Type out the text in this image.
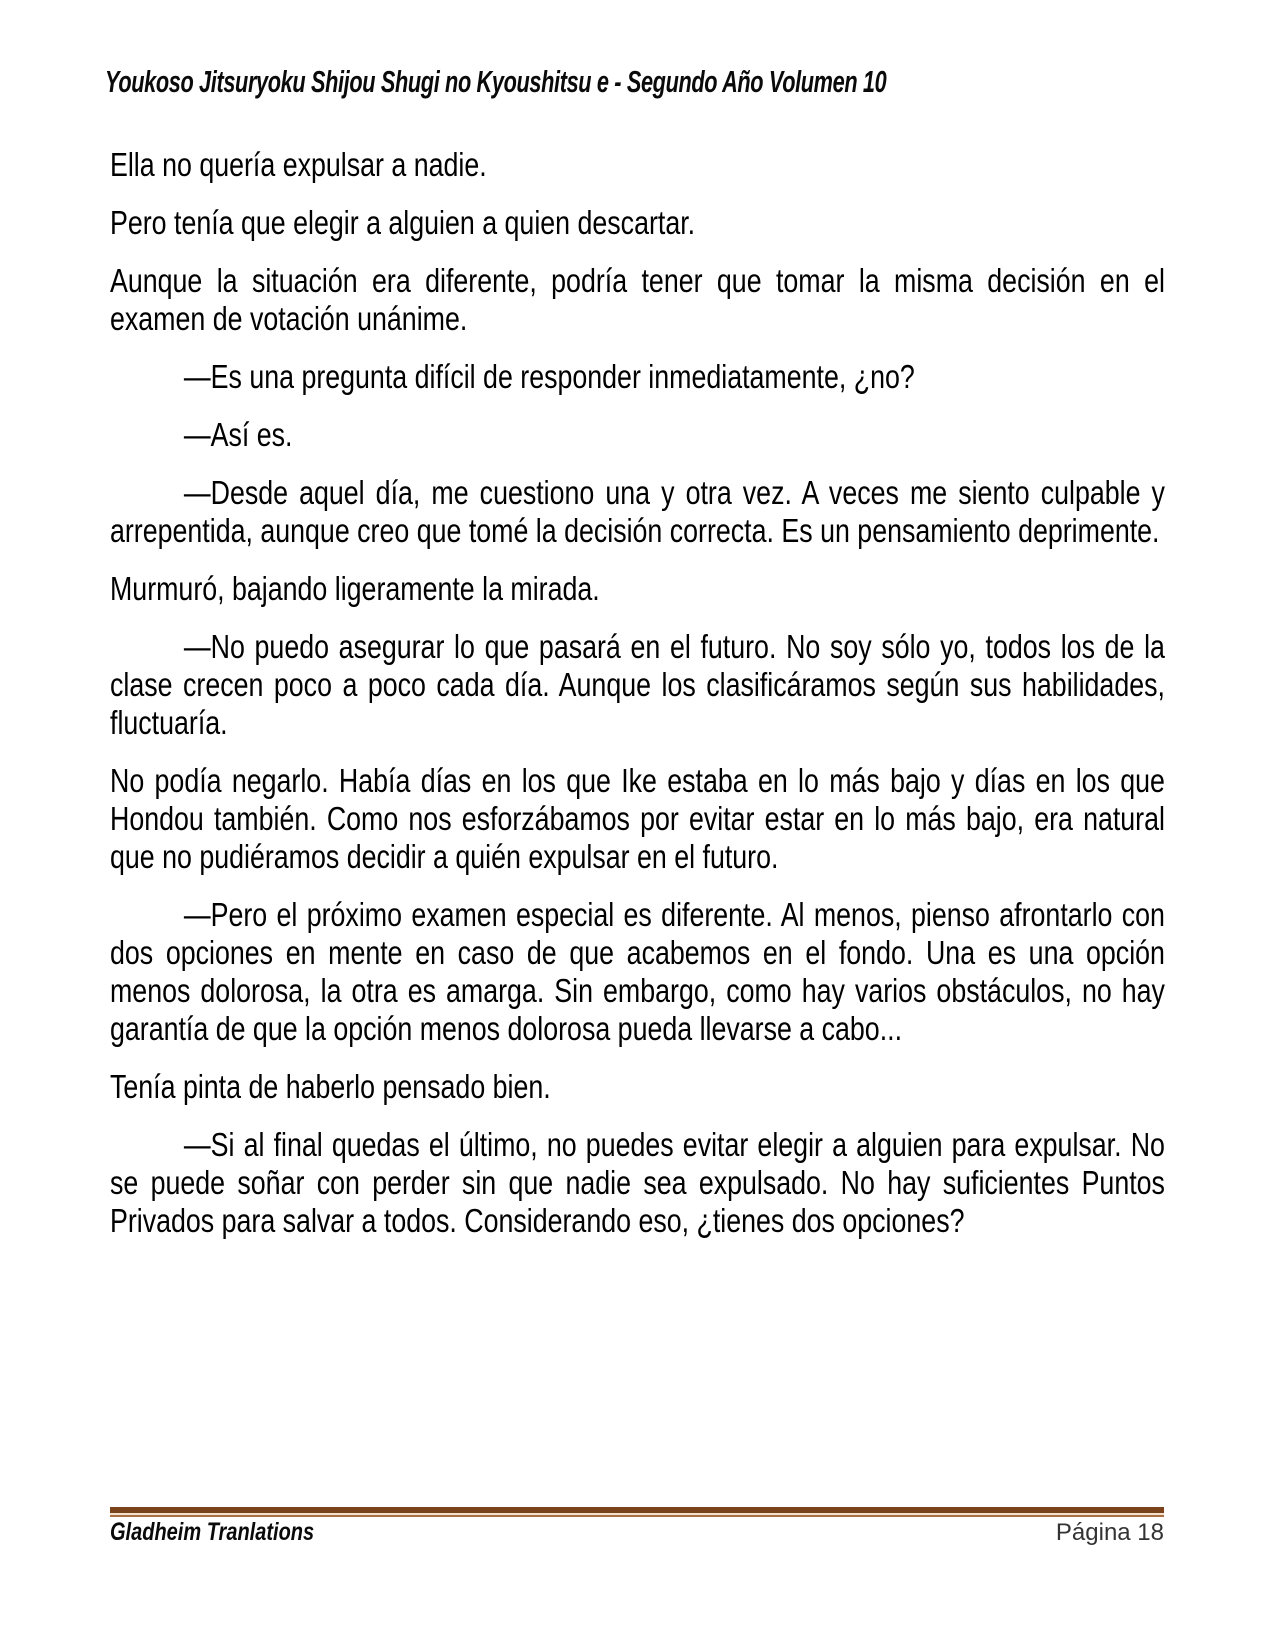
Youkoso Jitsuryoku Shijou Shugi no Kyoushitsu e - Segundo Año Volumen 10

Ella no quería expulsar a nadie.

Pero tenía que elegir a alguien a quien descartar.

Aunque la situación era diferente, podría tener que tomar la misma decisión en el examen de votación unánime.

—Es una pregunta difícil de responder inmediatamente, ¿no?

—Así es.

—Desde aquel día, me cuestiono una y otra vez. A veces me siento culpable y arrepentida, aunque creo que tomé la decisión correcta. Es un pensamiento deprimente.

Murmuró, bajando ligeramente la mirada.

—No puedo asegurar lo que pasará en el futuro. No soy sólo yo, todos los de la clase crecen poco a poco cada día. Aunque los clasificáramos según sus habilidades, fluctuaría.

No podía negarlo. Había días en los que Ike estaba en lo más bajo y días en los que Hondou también. Como nos esforzábamos por evitar estar en lo más bajo, era natural que no pudiéramos decidir a quién expulsar en el futuro.

—Pero el próximo examen especial es diferente. Al menos, pienso afrontarlo con dos opciones en mente en caso de que acabemos en el fondo. Una es una opción menos dolorosa, la otra es amarga. Sin embargo, como hay varios obstáculos, no hay garantía de que la opción menos dolorosa pueda llevarse a cabo...

Tenía pinta de haberlo pensado bien.

—Si al final quedas el último, no puedes evitar elegir a alguien para expulsar. No se puede soñar con perder sin que nadie sea expulsado. No hay suficientes Puntos Privados para salvar a todos. Considerando eso, ¿tienes dos opciones?

Gladheim Tranlations	Página 18
